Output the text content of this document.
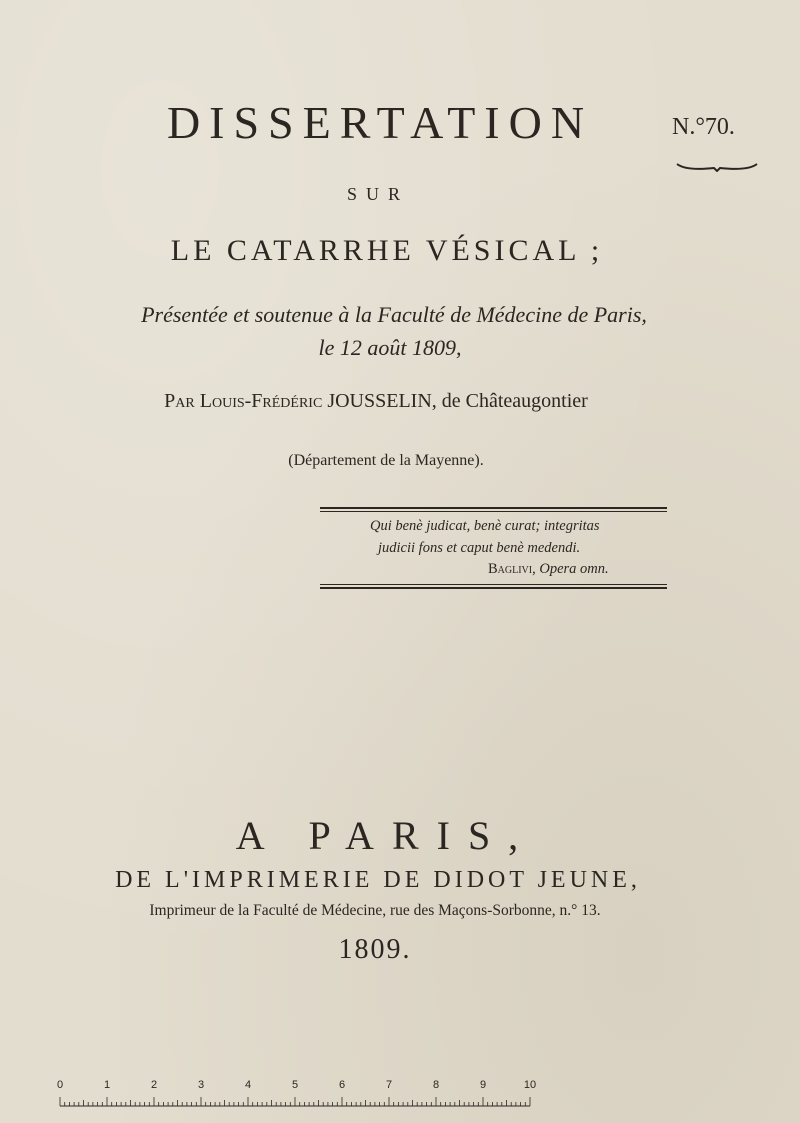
DISSERTATION	N.°70.
SUR
LE CATARRHE VÉSICAL ;
Présentée et soutenue à la Faculté de Médecine de Paris,
le 12 août 1809,
Par Louis-Frédéric JOUSSELIN, de Châteaugontier
(Département de la Mayenne).
Qui benè judicat, benè curat; integritas
judicii fons et caput benè medendi.
Baglivi, Opera omn.
A PARIS,
DE L'IMPRIMERIE DE DIDOT JEUNE,
Imprimeur de la Faculté de Médecine, rue des Maçons-Sorbonne, n.° 13.
1809.
0	1	2	3	4	5	6	7	8	9	10
